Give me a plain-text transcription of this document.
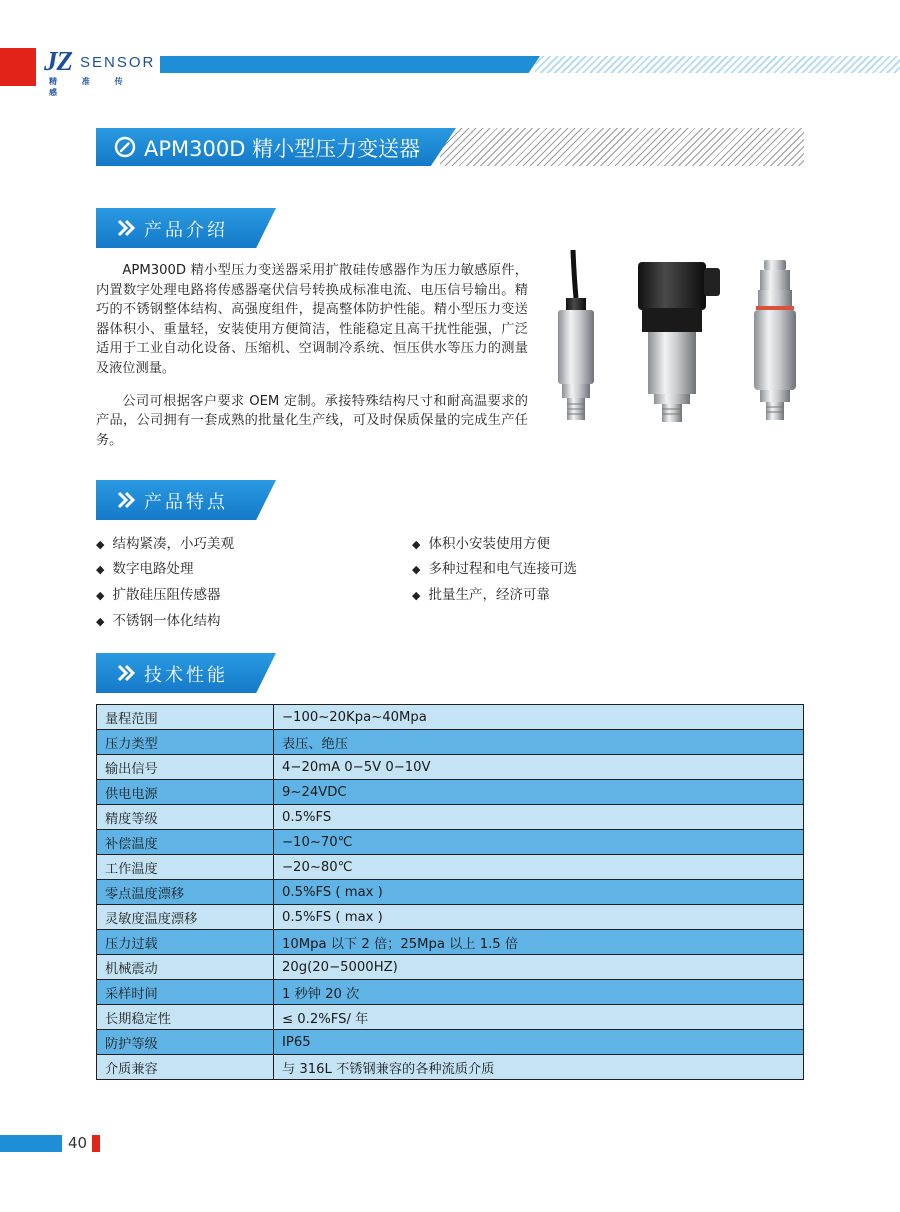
JZ SENSOR
精 准 传 感
APM300D 精小型压力变送器
产品介绍

APM300D 精小型压力变送器采用扩散硅传感器作为压力敏感原件，内置数字处理电路将传感器毫伏信号转换成标准电流、电压信号输出。精巧的不锈钢整体结构、高强度组件，提高整体防护性能。精小型压力变送器体积小、重量轻，安装使用方便简洁，性能稳定且高干扰性能强，广泛适用于工业自动化设备、压缩机、空调制冷系统、恒压供水等压力的测量及液位测量。

公司可根据客户要求 OEM 定制。承接特殊结构尺寸和耐高温要求的产品，公司拥有一套成熟的批量化生产线，可及时保质保量的完成生产任务。

产品特点
◆ 结构紧凑，小巧美观
◆ 数字电路处理
◆ 扩散硅压阻传感器
◆ 不锈钢一体化结构
◆ 体积小安装使用方便
◆ 多种过程和电气连接可选
◆ 批量生产，经济可靠
技术性能
量程范围	−100~20Kpa~40Mpa
压力类型	表压、绝压
输出信号	4−20mA 0−5V 0−10V
供电电源	9~24VDC
精度等级	0.5%FS
补偿温度	−10~70℃
工作温度	−20~80℃
零点温度漂移	0.5%FS ( max )
灵敏度温度漂移	0.5%FS ( max )
压力过载	10Mpa 以下 2 倍；25Mpa 以上 1.5 倍
机械震动	20g(20−5000HZ)
采样时间	1 秒钟 20 次
长期稳定性	≤ 0.2%FS/ 年
防护等级	IP65
介质兼容	与 316L 不锈钢兼容的各种流质介质
40
